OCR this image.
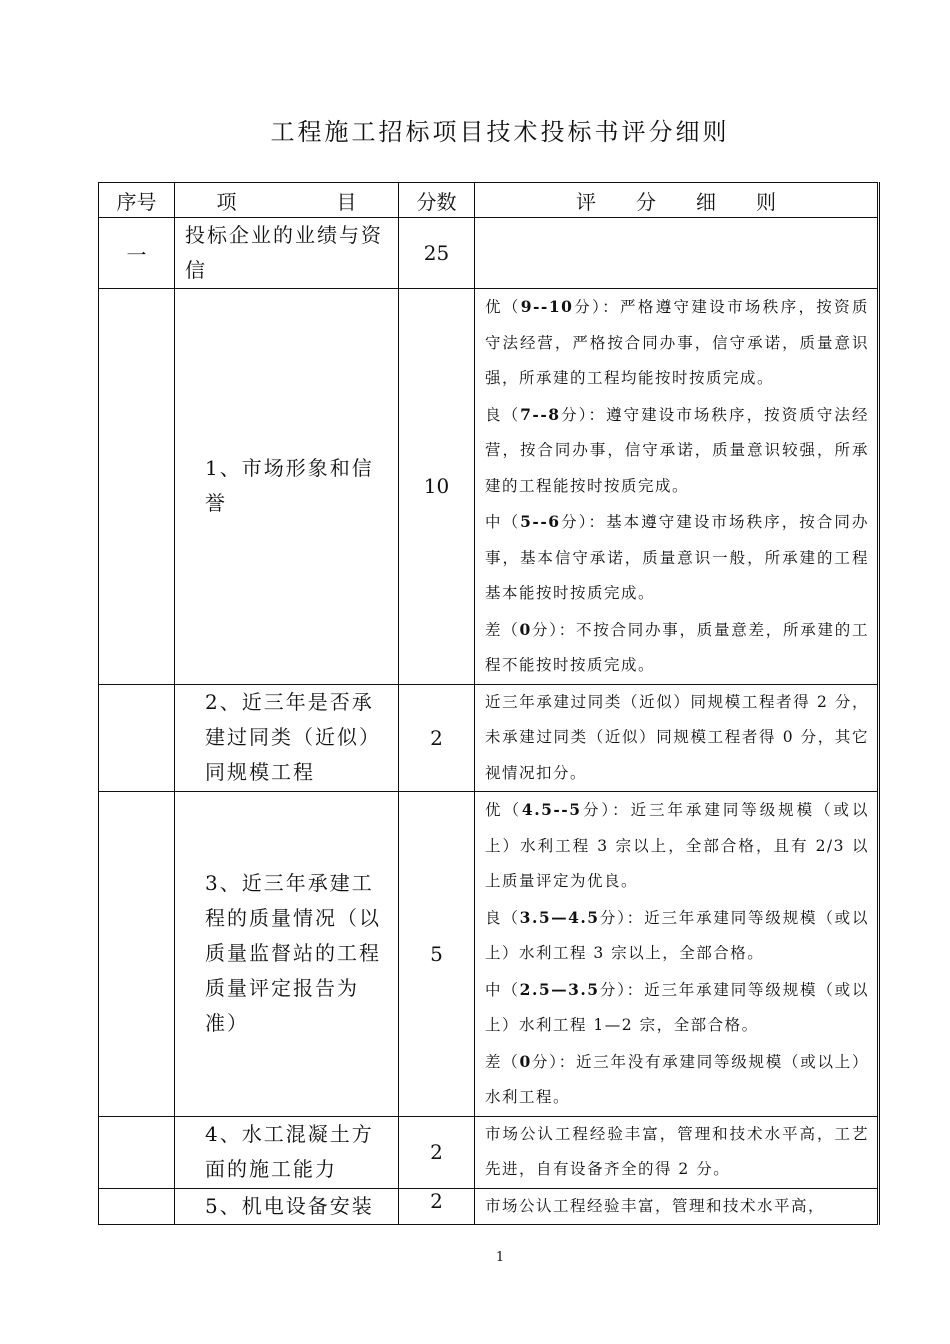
工程施工招标项目技术投标书评分细则
序号	项　　　　　目	分数	评　　分　　细　　则
一	投标企业的业绩与资信	25	
	1、市场形象和信誉	10	优（9--10分）：严格遵守建设市场秩序，按资质守法经营，严格按合同办事，信守承诺，质量意识强，所承建的工程均能按时按质完成。

良（7--8分）：遵守建设市场秩序，按资质守法经营，按合同办事，信守承诺，质量意识较强，所承建的工程能按时按质完成。

中（5--6分）：基本遵守建设市场秩序，按合同办事，基本信守承诺，质量意识一般，所承建的工程基本能按时按质完成。

差（0分）：不按合同办事，质量意差，所承建的工程不能按时按质完成。

	2、近三年是否承建过同类（近似）同规模工程	2	近三年承建过同类（近似）同规模工程者得 2 分，未承建过同类（近似）同规模工程者得 0 分，其它视情况扣分。

	3、近三年承建工程的质量情况（以质量监督站的工程质量评定报告为准）	5	优（4.5--5分）：近三年承建同等级规模（或以上）水利工程 3 宗以上，全部合格，且有 2/3 以上质量评定为优良。

良（3.5—4.5分）：近三年承建同等级规模（或以上）水利工程 3 宗以上，全部合格。

中（2.5—3.5分）：近三年承建同等级规模（或以上）水利工程 1—2 宗，全部合格。

差（0分）：近三年没有承建同等级规模（或以上）水利工程。

	4、水工混凝土方面的施工能力	2	市场公认工程经验丰富，管理和技术水平高，工艺先进，自有设备齐全的得 2 分。

	5、机电设备安装	2	市场公认工程经验丰富，管理和技术水平高，

1
